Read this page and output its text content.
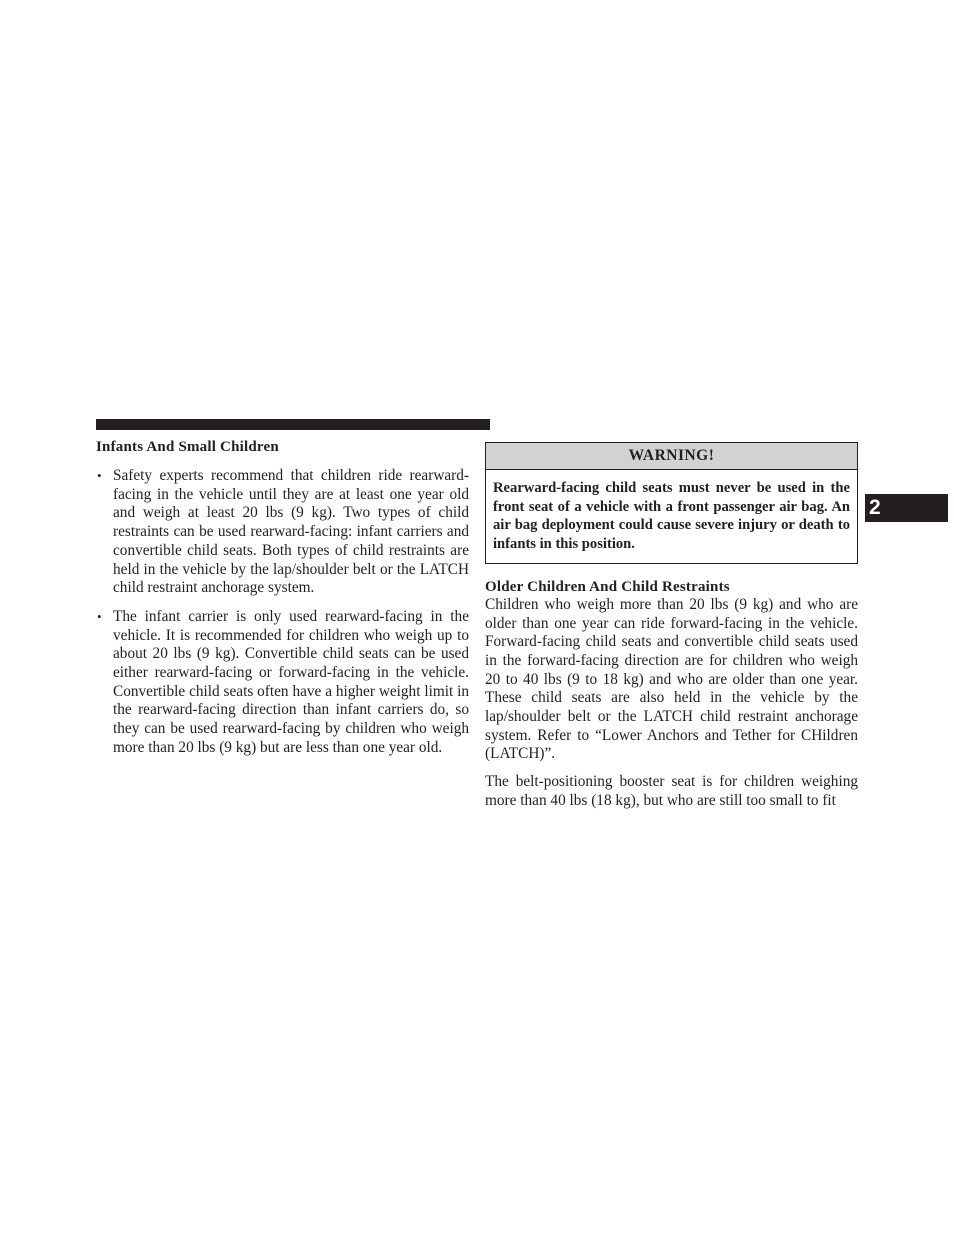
Infants And Small Children
• Safety experts recommend that children ride rearward-facing in the vehicle until they are at least one year old and weigh at least 20 lbs (9 kg). Two types of child restraints can be used rearward-facing: infant carriers and convertible child seats. Both types of child restraints are held in the vehicle by the lap/shoulder belt or the LATCH child restraint anchorage system.

• The infant carrier is only used rearward-facing in the vehicle. It is recommended for children who weigh up to about 20 lbs (9 kg). Convertible child seats can be used either rearward-facing or forward-facing in the vehicle. Convertible child seats often have a higher weight limit in the rearward-facing direction than infant carriers do, so they can be used rearward-facing by children who weigh more than 20 lbs (9 kg) but are less than one year old.

WARNING!
Rearward-facing child seats must never be used in the front seat of a vehicle with a front passenger air bag. An air bag deployment could cause severe injury or death to infants in this position.
Older Children And Child Restraints

Children who weigh more than 20 lbs (9 kg) and who are older than one year can ride forward-facing in the vehicle. Forward-facing child seats and convertible child seats used in the forward-facing direction are for children who weigh 20 to 40 lbs (9 to 18 kg) and who are older than one year. These child seats are also held in the vehicle by the lap/shoulder belt or the LATCH child restraint anchorage system. Refer to “Lower Anchors and Tether for CHildren (LATCH)”.

The belt-positioning booster seat is for children weighing more than 40 lbs (18 kg), but who are still too small to fit

2
